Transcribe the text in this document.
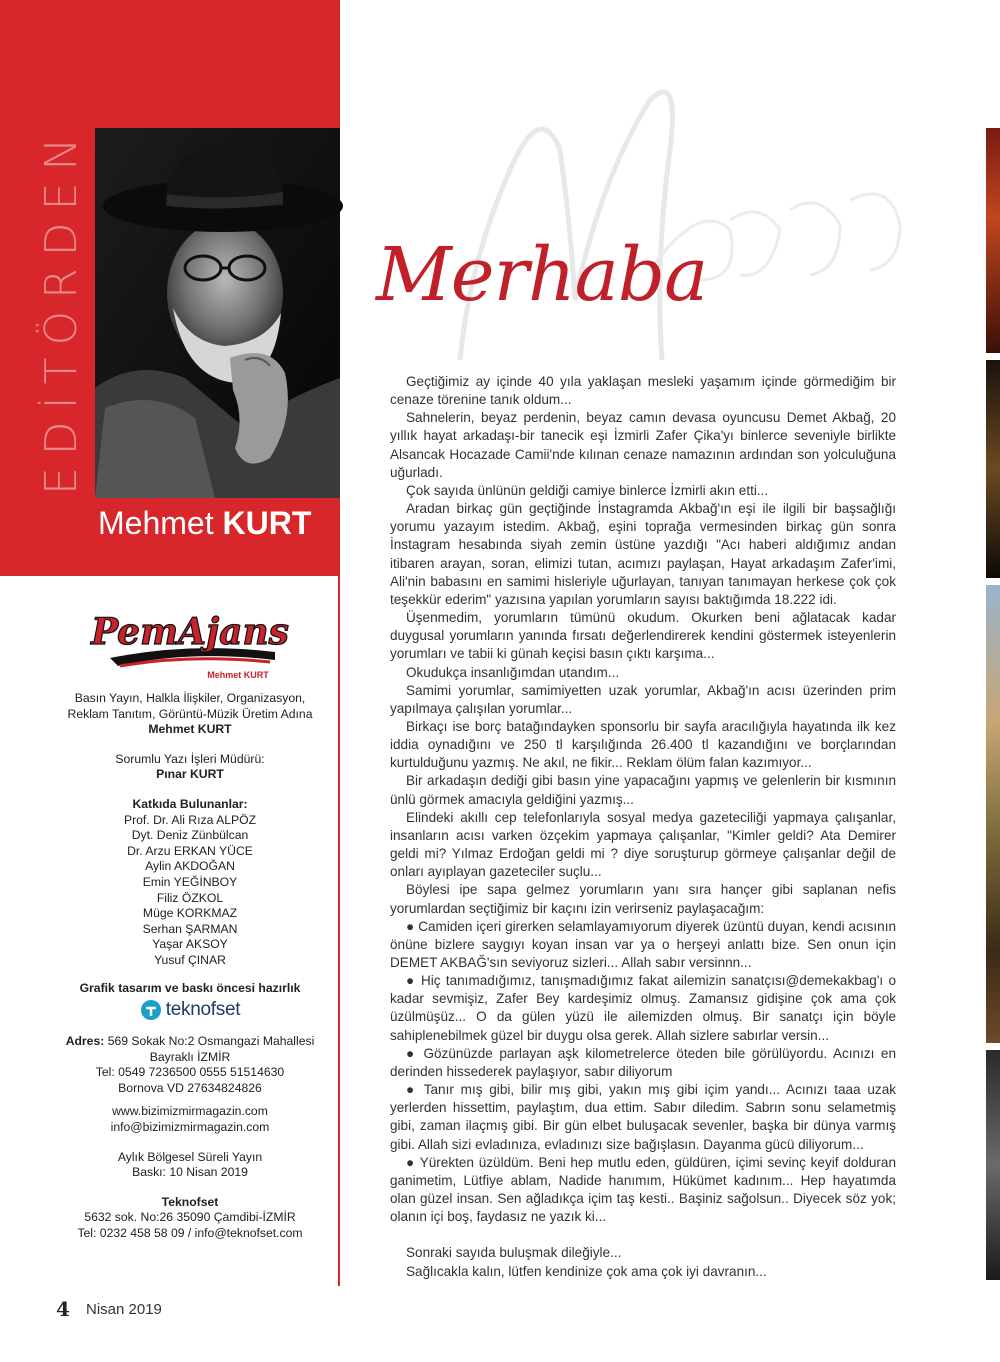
EDİTÖRDEN
Mehmet KURT
PemAjans
Mehmet KURT
Basın Yayın, Halkla İlişkiler, Organizasyon,
Reklam Tanıtım, Görüntü-Müzik Üretim Adına
Mehmet KURT
Sorumlu Yazı İşleri Müdürü:
Pınar KURT
Katkıda Bulunanlar:
Prof. Dr. Ali Rıza ALPÖZ
Dyt. Deniz Zünbülcan
Dr. Arzu ERKAN YÜCE
Aylin AKDOĞAN
Emin YEĞİNBOY
Filiz ÖZKOL
Müge KORKMAZ
Serhan ŞARMAN
Yaşar AKSOY
Yusuf ÇINAR
Grafik tasarım ve baskı öncesi hazırlık
teknofset
Adres: 569 Sokak No:2 Osmangazi Mahallesi
Bayraklı İZMİR
Tel: 0549 7236500 0555 51514630
Bornova VD 27634824826
www.bizimizmirmagazin.com
info@bizimizmirmagazin.com
Aylık Bölgesel Süreli Yayın
Baskı: 10 Nisan 2019
Teknofset
5632 sok. No:26 35090 Çamdibi-İZMİR
Tel: 0232 458 58 09 / info@teknofset.com
Merhaba

Geçtiğimiz ay içinde 40 yıla yaklaşan mesleki yaşamım içinde görmediğim bir cenaze törenine tanık oldum...

Sahnelerin, beyaz perdenin, beyaz camın devasa oyuncusu Demet Akbağ, 20 yıllık hayat arkadaşı-bir tanecik eşi İzmirli Zafer Çika'yı binlerce seveniyle birlikte Alsancak Hocazade Camii'nde kılınan cenaze namazının ardından son yolculuğuna uğurladı.

Çok sayıda ünlünün geldiği camiye binlerce İzmirli akın etti...

Aradan birkaç gün geçtiğinde İnstagramda Akbağ'ın eşi ile ilgili bir başsağlığı yorumu yazayım istedim. Akbağ, eşini toprağa vermesinden birkaç gün sonra İnstagram hesabında siyah zemin üstüne yazdığı "Acı haberi aldığımız andan itibaren arayan, soran, elimizi tutan, acımızı paylaşan, Hayat arkadaşım Zafer'imi, Ali'nin babasını en samimi hisleriyle uğurlayan, tanıyan tanımayan herkese çok çok teşekkür ederim" yazısına yapılan yorumların sayısı baktığımda 18.222 idi.

Üşenmedim, yorumların tümünü okudum. Okurken beni ağlatacak kadar duygusal yorumların yanında fırsatı değerlendirerek kendini göstermek isteyenlerin yorumları ve tabii ki günah keçisi basın çıktı karşıma...

Okudukça insanlığımdan utandım...

Samimi yorumlar, samimiyetten uzak yorumlar, Akbağ'ın acısı üzerinden prim yapılmaya çalışılan yorumlar...

Birkaçı ise borç batağındayken sponsorlu bir sayfa aracılığıyla hayatında ilk kez iddia oynadığını ve 250 tl karşılığında 26.400 tl kazandığını ve borçlarından kurtulduğunu yazmış. Ne akıl, ne fikir... Reklam ölüm falan kazımıyor...

Bir arkadaşın dediği gibi basın yine yapacağını yapmış ve gelenlerin bir kısmının ünlü görmek amacıyla geldiğini yazmış...

Elindeki akıllı cep telefonlarıyla sosyal medya gazeteciliği yapmaya çalışanlar, insanların acısı varken özçekim yapmaya çalışanlar, "Kimler geldi? Ata Demirer geldi mi? Yılmaz Erdoğan geldi mi ? diye soruşturup görmeye çalışanlar değil de onları ayıplayan gazeteciler suçlu...

Böylesi ipe sapa gelmez yorumların yanı sıra hançer gibi saplanan nefis yorumlardan seçtiğimiz bir kaçını izin verirseniz paylaşacağım:

● Camiden içeri girerken selamlayamıyorum diyerek üzüntü duyan, kendi acısının önüne bizlere saygıyı koyan insan var ya o herşeyi anlattı bize. Sen onun için DEMET AKBAĞ'sın seviyoruz sizleri... Allah sabır versinnn...

● Hiç tanımadığımız, tanışmadığımız fakat ailemizin sanatçısı@demekakbag'ı o kadar sevmişiz, Zafer Bey kardeşimiz olmuş. Zamansız gidişine çok ama çok üzülmüşüz... O da gülen yüzü ile ailemizden olmuş. Bir sanatçı için böyle sahiplenebilmek güzel bir duygu olsa gerek. Allah sizlere sabırlar versin...

● Gözünüzde parlayan aşk kilometrelerce öteden bile görülüyordu. Acınızı en derinden hissederek paylaşıyor, sabır diliyorum

● Tanır mış gibi, bilir mış gibi, yakın mış gibi içim yandı... Acınızı taaa uzak yerlerden hissettim, paylaştım, dua ettim. Sabır diledim. Sabrın sonu selametmiş gibi, zaman ilaçmış gibi. Bir gün elbet buluşacak sevenler, başka bir dünya varmış gibi. Allah sizi evladınıza, evladınızı size bağışlasın. Dayanma gücü diliyorum...

● Yürekten üzüldüm. Beni hep mutlu eden, güldüren, içimi sevinç keyif dolduran ganimetim, Lütfiye ablam, Nadide hanımım, Hükümet kadınım... Hep hayatımda olan güzel insan. Sen ağladıkça içim taş kesti.. Başiniz sağolsun.. Diyecek söz yok; olanın içi boş, faydasız ne yazık ki...

Sonraki sayıda buluşmak dileğiyle...

Sağlıcakla kalın, lütfen kendinize çok ama çok iyi davranın...

4 Nisan 2019
